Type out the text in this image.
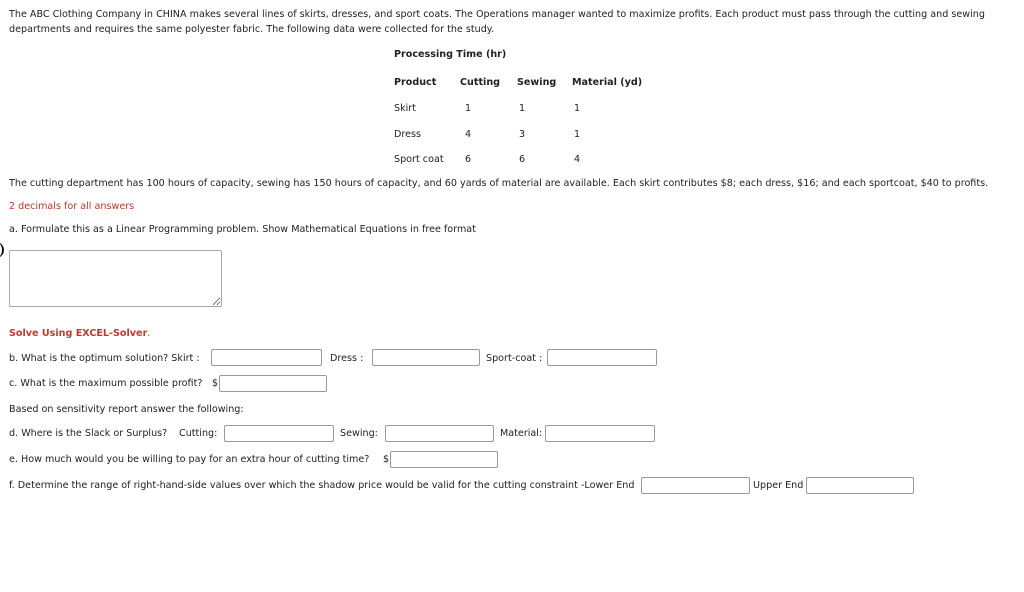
The ABC Clothing Company in CHINA makes several lines of skirts, dresses, and sport coats. The Operations manager wanted to maximize profits. Each product must pass through the cutting and sewing departments and requires the same polyester fabric. The following data were collected for the study.
Processing Time (hr)
Product	Cutting	Sewing	Material (yd)
Skirt	1	1	1
Dress	4	3	1
Sport coat	6	6	4
The cutting department has 100 hours of capacity, sewing has 150 hours of capacity, and 60 yards of material are available. Each skirt contributes $8; each dress, $16; and each sportcoat, $40 to profits.
2 decimals for all answers
a. Formulate this as a Linear Programming problem. Show Mathematical Equations in free format
Solve Using EXCEL-Solver.
b. What is the optimum solution? Skirt :	Dress :	Sport-coat :
c. What is the maximum possible profit? $
Based on sensitivity report answer the following:
d. Where is the Slack or Surplus? Cutting:	Sewing:	Material:
e. How much would you be willing to pay for an extra hour of cutting time? $
f. Determine the range of right-hand-side values over which the shadow price would be valid for the cutting constraint -Lower End	Upper End
